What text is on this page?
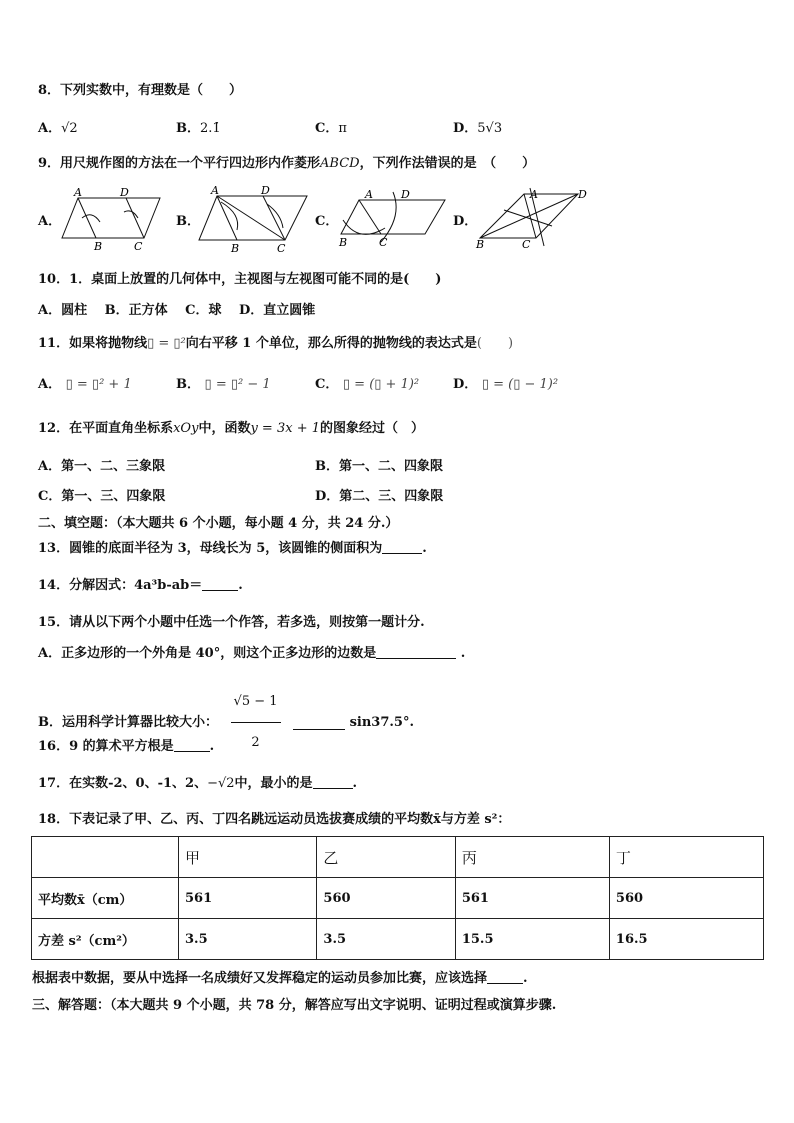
8．下列实数中，有理数是（　　）
A．√2	B．2.1̇	C．π	D．5√3
9．用尺规作图的方法在一个平行四边形内作菱形ABCD，下列作法错误的是　（　　）
A．
A	D
B	C
B．
A	D
B	C
C．
A	D
B	C
D．
A	D
B	C
10．1．桌面上放置的几何体中，主视图与左视图可能不同的是(　　)
A．圆柱　 B．正方体　 C．球　 D．直立圆锥
11．如果将抛物线▯ = ▯²向右平移 1 个单位，那么所得的抛物线的表达式是(　　)
A． ▯ = ▯² + 1	B． ▯ = ▯² − 1	C． ▯ = (▯ + 1)²	D． ▯ = (▯ − 1)²
12．在平面直角坐标系xOy中，函数y = 3x + 1的图象经过（　）
A．第一、二、三象限	B．第一、二、四象限
C．第一、三、四象限	D．第二、三、四象限
二、填空题：（本大题共 6 个小题，每小题 4 分，共 24 分.）
13．圆锥的底面半径为 3，母线长为 5，该圆锥的侧面积为	.
14．分解因式：4a³b-ab＝	.
15．请从以下两个小题中任选一个作答，若多选，则按第一题计分.
A．正多边形的一个外角是 40°，则这个正多边形的边数是	.
B．运用科学计算器比较大小： $\frac{√5 - 1}{2}$	sin37.5°.
16．9 的算术平方根是	.
17．在实数-2、0、-1、2、−√2中，最小的是	.
18．下表记录了甲、乙、丙、丁四名跳远运动员选拔赛成绩的平均数x̄与方差 s²：
	甲	乙	丙	丁
平均数x̄（cm）	561	560	561	560
方差 s²（cm²）	3.5	3.5	15.5	16.5
根据表中数据，要从中选择一名成绩好又发挥稳定的运动员参加比赛，应该选择	.
三、解答题：（本大题共 9 个小题，共 78 分，解答应写出文字说明、证明过程或演算步骤.
